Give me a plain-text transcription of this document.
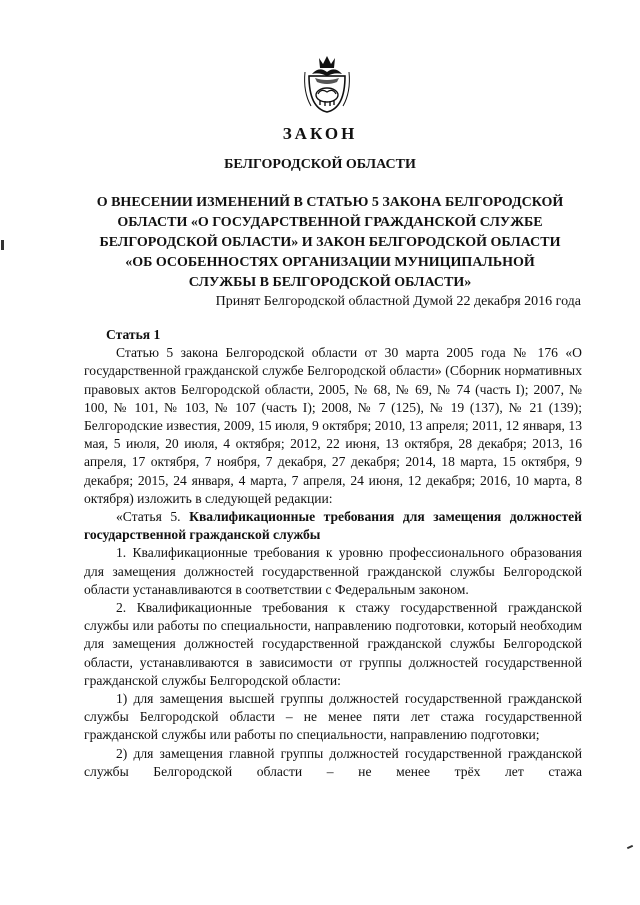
ЗАКОН
БЕЛГОРОДСКОЙ ОБЛАСТИ
О ВНЕСЕНИИ ИЗМЕНЕНИЙ В СТАТЬЮ 5 ЗАКОНА БЕЛГОРОДСКОЙ
ОБЛАСТИ «О ГОСУДАРСТВЕННОЙ ГРАЖДАНСКОЙ СЛУЖБЕ
БЕЛГОРОДСКОЙ ОБЛАСТИ» И ЗАКОН БЕЛГОРОДСКОЙ ОБЛАСТИ
«ОБ ОСОБЕННОСТЯХ ОРГАНИЗАЦИИ МУНИЦИПАЛЬНОЙ
СЛУЖБЫ В БЕЛГОРОДСКОЙ ОБЛАСТИ»
Принят Белгородской областной Думой 22 декабря 2016 года

Статья 1

Статью 5 закона Белгородской области от 30 марта 2005 года № 176 «О государственной гражданской службе Белгородской области» (Сборник нормативных правовых актов Белгородской области, 2005, № 68, № 69, № 74 (часть I); 2007, № 100, № 101, № 103, № 107 (часть I); 2008, № 7 (125), № 19 (137), № 21 (139); Белгородские известия, 2009, 15 июля, 9 октября; 2010, 13 апреля; 2011, 12 января, 13 мая, 5 июля, 20 июля, 4 октября; 2012, 22 июня, 13 октября, 28 декабря; 2013, 16 апреля, 17 октября, 7 ноября, 7 декабря, 27 декабря; 2014, 18 марта, 15 октября, 9 декабря; 2015, 24 января, 4 марта, 7 апреля, 24 июня, 12 декабря; 2016, 10 марта, 8 октября) изложить в следующей редакции:

«Статья 5. Квалификационные требования для замещения должностей государственной гражданской службы

1. Квалификационные требования к уровню профессионального образования для замещения должностей государственной гражданской службы Белгородской области устанавливаются в соответствии с Федеральным законом.

2. Квалификационные требования к стажу государственной гражданской службы или работы по специальности, направлению подготовки, который необходим для замещения должностей государственной гражданской службы Белгородской области, устанавливаются в зависимости от группы должностей государственной гражданской службы Белгородской области:

1) для замещения высшей группы должностей государственной гражданской службы Белгородской области – не менее пяти лет стажа государственной гражданской службы или работы по специальности, направлению подготовки;

2) для замещения главной группы должностей государственной гражданской службы Белгородской области – не менее трёх лет стажа
